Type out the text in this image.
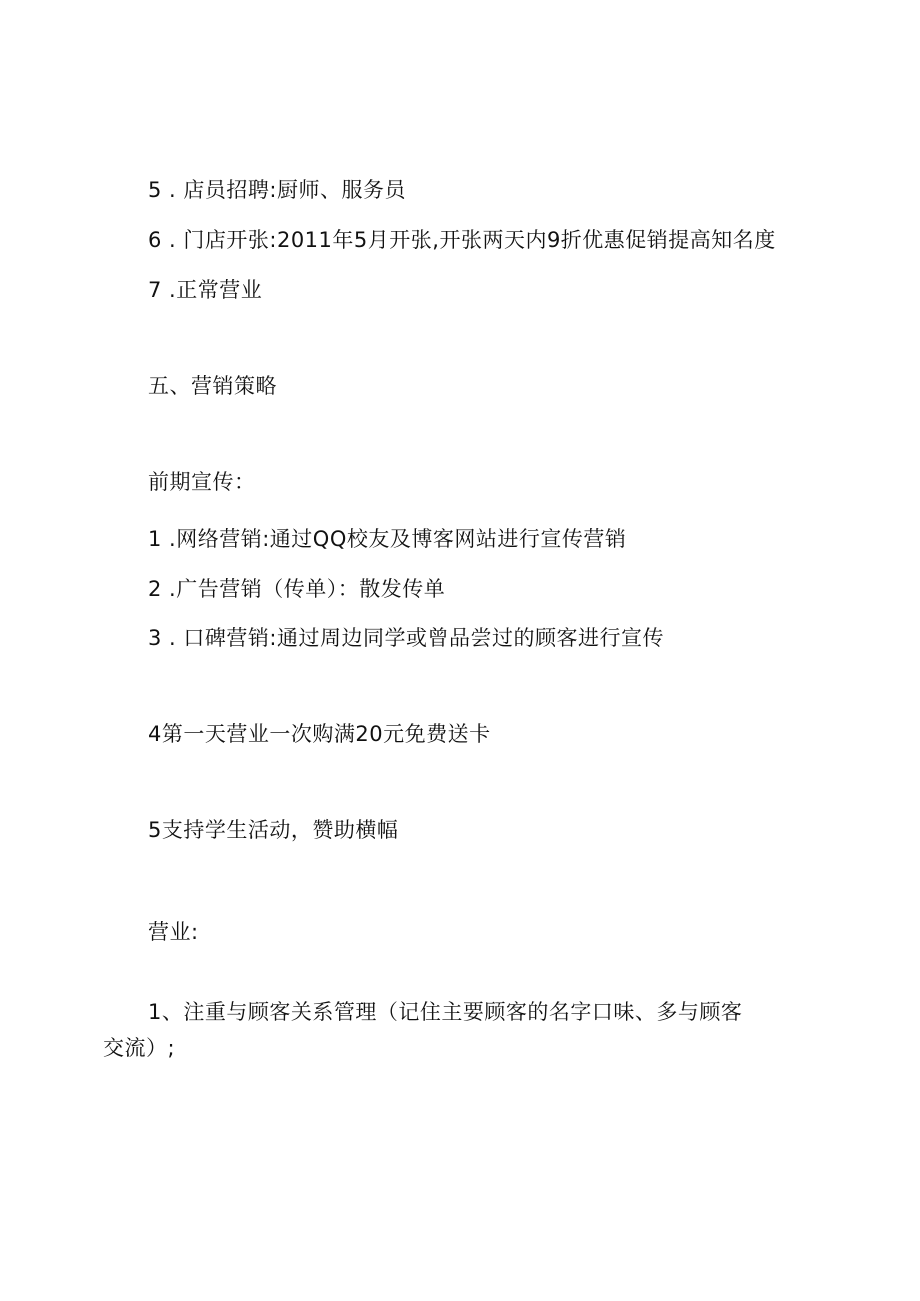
5 . 店员招聘:厨师、服务员
6 . 门店开张:2011年5月开张,开张两天内9折优惠促销提高知名度
7 .正常营业
五、营销策略
前期宣传：
1 .网络营销:通过QQ校友及博客网站进行宣传营销
2 .广告营销（传单）：散发传单
3 . 口碑营销:通过周边同学或曾品尝过的顾客进行宣传
4第一天营业一次购满20元免费送卡
5支持学生活动，赞助横幅
营业:
1、注重与顾客关系管理（记住主要顾客的名字口味、多与顾客交流）;
